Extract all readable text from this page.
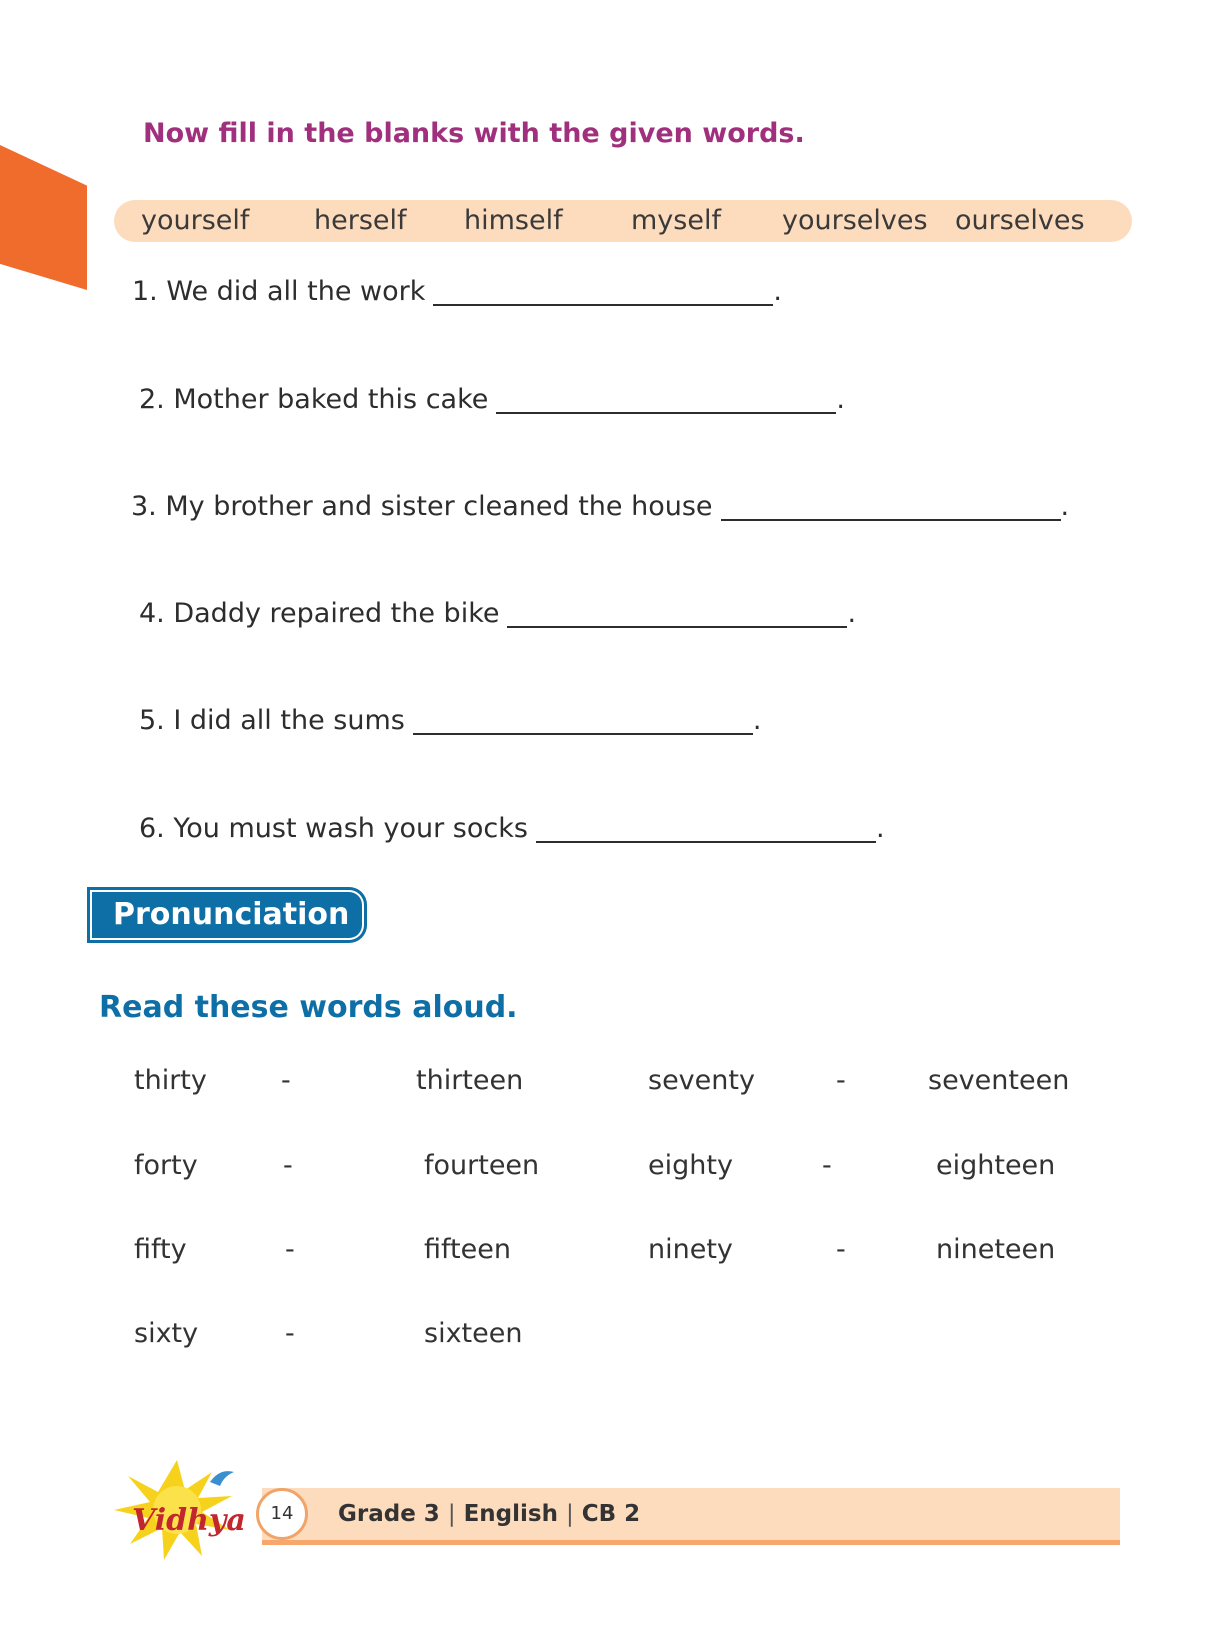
Now fill in the blanks with the given words.
yourself herself himself	myself yourselves ourselves
1. We did all the work	.
2. Mother baked this cake	.
3. My brother and sister cleaned the house	.
4. Daddy repaired the bike	.
5. I did all the sums	.
6. You must wash your socks	.
Pronunciation
Read these words aloud.
thirty	-	thirteen	seventy	-	seventeen
forty	-	fourteen	eighty	-	eighteen
fifty	-	fifteen	ninety	-	nineteen
sixty	-	sixteen
14	Grade 3 | English | CB 2
Vidhya
